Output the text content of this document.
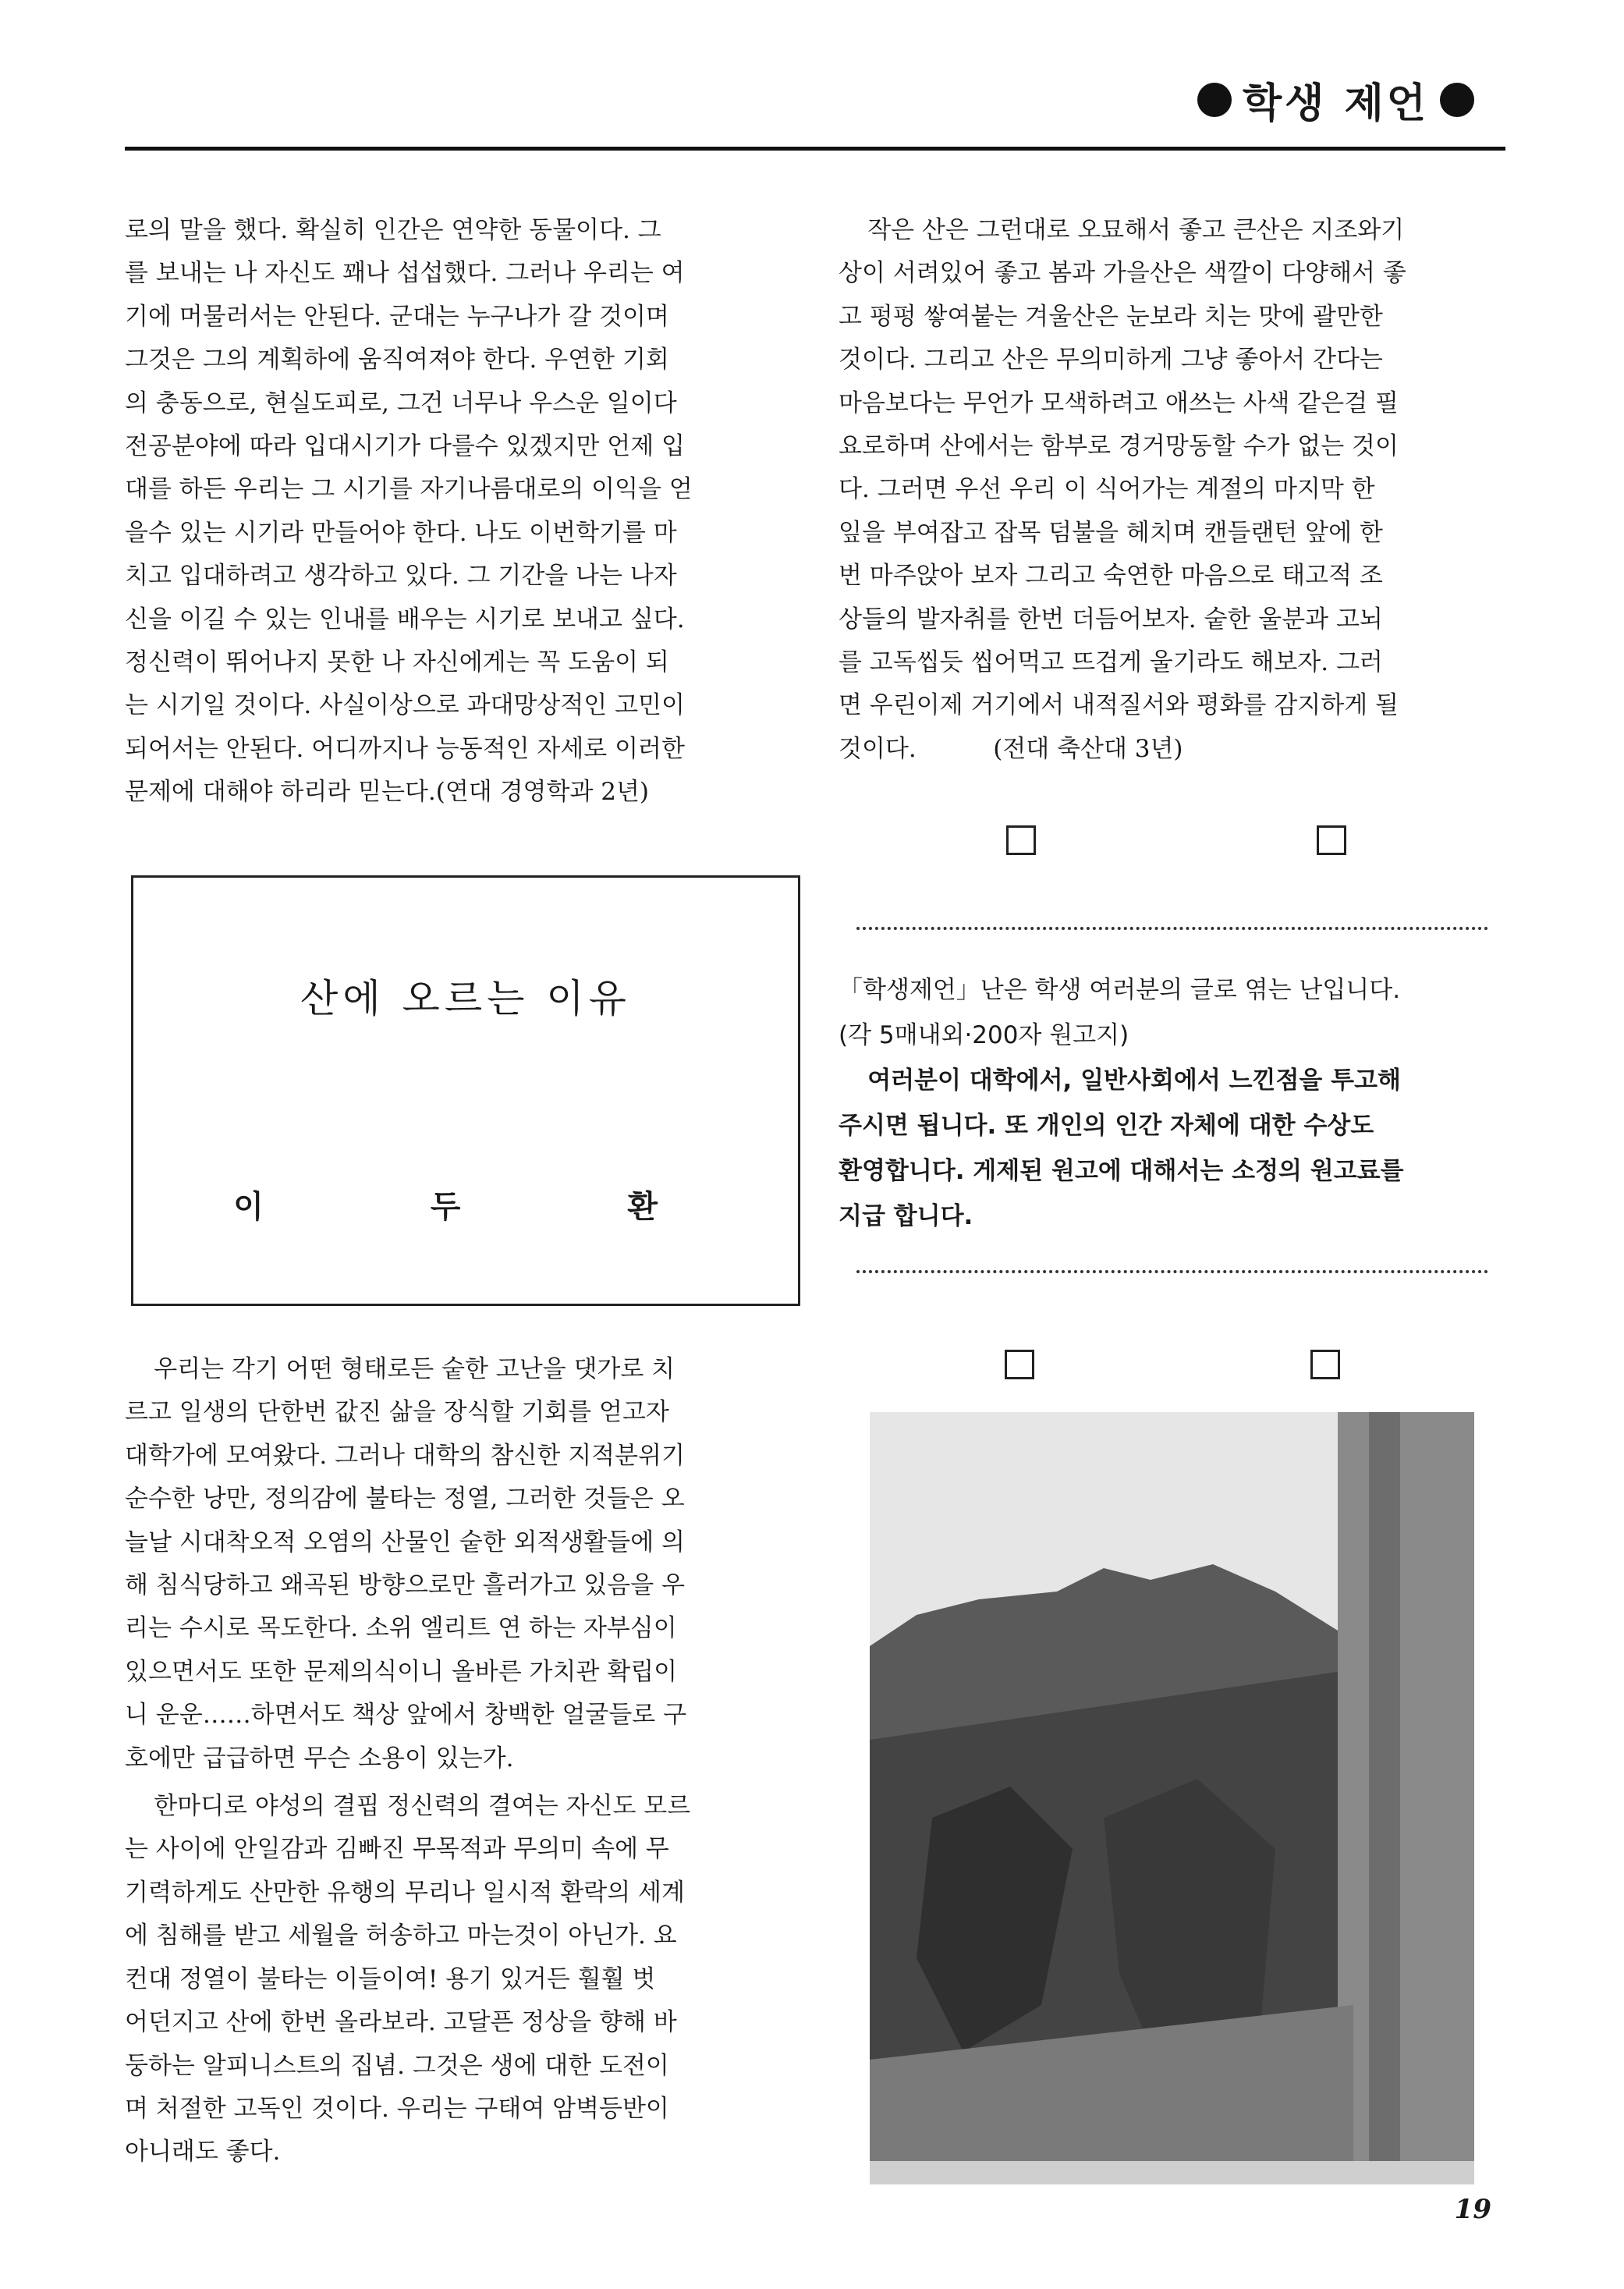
학생 제언

로의 말을 했다. 확실히 인간은 연약한 동물이다. 그

를 보내는 나 자신도 꽤나 섭섭했다. 그러나 우리는 여

기에 머물러서는 안된다. 군대는 누구나가 갈 것이며

그것은 그의 계획하에 움직여져야 한다. 우연한 기회

의 충동으로, 현실도피로, 그건 너무나 우스운 일이다

전공분야에 따라 입대시기가 다를수 있겠지만 언제 입

대를 하든 우리는 그 시기를 자기나름대로의 이익을 얻

을수 있는 시기라 만들어야 한다. 나도 이번학기를 마

치고 입대하려고 생각하고 있다. 그 기간을 나는 나자

신을 이길 수 있는 인내를 배우는 시기로 보내고 싶다.

정신력이 뛰어나지 못한 나 자신에게는 꼭 도움이 되

는 시기일 것이다. 사실이상으로 과대망상적인 고민이

되어서는 안된다. 어디까지나 능동적인 자세로 이러한

문제에 대해야 하리라 믿는다.(연대 경영학과 2년)

작은 산은 그런대로 오묘해서 좋고 큰산은 지조와기

상이 서려있어 좋고 봄과 가을산은 색깔이 다양해서 좋

고 펑펑 쌓여붙는 겨울산은 눈보라 치는 맛에 괄만한

것이다. 그리고 산은 무의미하게 그냥 좋아서 간다는

마음보다는 무언가 모색하려고 애쓰는 사색 같은걸 필

요로하며 산에서는 함부로 경거망동할 수가 없는 것이

다. 그러면 우선 우리 이 식어가는 계절의 마지막 한

잎을 부여잡고 잡목 덤불을 헤치며 캔들랜턴 앞에 한

번 마주앉아 보자 그리고 숙연한 마음으로 태고적 조

상들의 발자취를 한번 더듬어보자. 숱한 울분과 고뇌

를 고독씹듯 씹어먹고 뜨겁게 울기라도 해보자. 그러

면 우린이제 거기에서 내적질서와 평화를 감지하게 될

것이다.          (전대 축산대 3년)

산에 오르는 이유
이 두 환

「학생제언」난은 학생 여러분의 글로 엮는 난입니다.

(각 5매내외·200자 원고지)

여러분이 대학에서, 일반사회에서 느낀점을 투고해

주시면 됩니다. 또 개인의 인간 자체에 대한 수상도

환영합니다. 게제된 원고에 대해서는 소정의 원고료를

지급 합니다.

우리는 각기 어떤 형태로든 숱한 고난을 댓가로 치

르고 일생의 단한번 값진 삶을 장식할 기회를 얻고자

대학가에 모여왔다. 그러나 대학의 참신한 지적분위기

순수한 낭만, 정의감에 불타는 정열, 그러한 것들은 오

늘날 시대착오적 오염의 산물인 숱한 외적생활들에 의

해 침식당하고 왜곡된 방향으로만 흘러가고 있음을 우

리는 수시로 목도한다. 소위 엘리트 연 하는 자부심이

있으면서도 또한 문제의식이니 올바른 가치관 확립이

니 운운……하면서도 책상 앞에서 창백한 얼굴들로 구

호에만 급급하면 무슨 소용이 있는가.

한마디로 야성의 결핍 정신력의 결여는 자신도 모르

는 사이에 안일감과 김빠진 무목적과 무의미 속에 무

기력하게도 산만한 유행의 무리나 일시적 환락의 세계

에 침해를 받고 세월을 허송하고 마는것이 아닌가. 요

컨대 정열이 불타는 이들이여! 용기 있거든 훨훨 벗

어던지고 산에 한번 올라보라. 고달픈 정상을 향해 바

둥하는 알피니스트의 집념. 그것은 생에 대한 도전이

며 처절한 고독인 것이다. 우리는 구태여 암벽등반이

아니래도 좋다.

19
